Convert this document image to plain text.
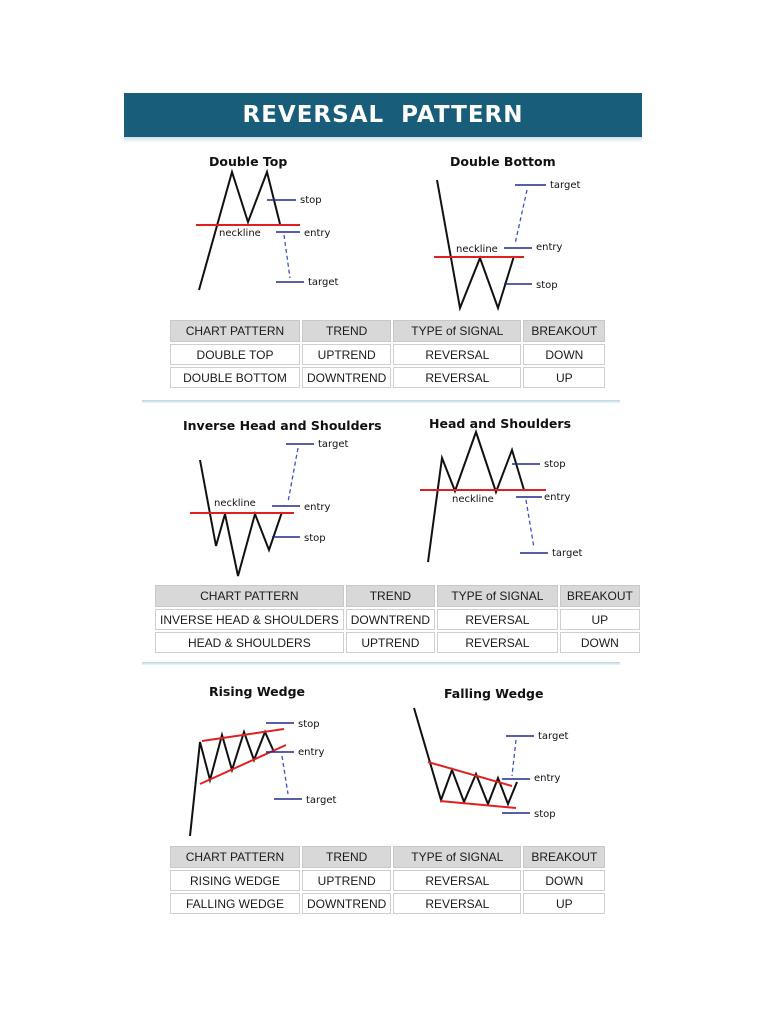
REVERSAL PATTERN
Double Top
stop
neckline	entry
target
Double Bottom
target
neckline	entry
stop
CHART PATTERN	TREND	TYPE of SIGNAL	BREAKOUT
DOUBLE TOP	UPTREND	REVERSAL	DOWN
DOUBLE BOTTOM	DOWNTREND	REVERSAL	UP
Inverse Head and Shoulders
target
neckline	entry
stop
Head and Shoulders
stop
neckline	entry
target
CHART PATTERN	TREND	TYPE of SIGNAL	BREAKOUT
INVERSE HEAD & SHOULDERS	DOWNTREND	REVERSAL	UP
HEAD & SHOULDERS	UPTREND	REVERSAL	DOWN
Rising Wedge
stop
entry
target
Falling Wedge
target
entry
stop
CHART PATTERN	TREND	TYPE of SIGNAL	BREAKOUT
RISING WEDGE	UPTREND	REVERSAL	DOWN
FALLING WEDGE	DOWNTREND	REVERSAL	UP
